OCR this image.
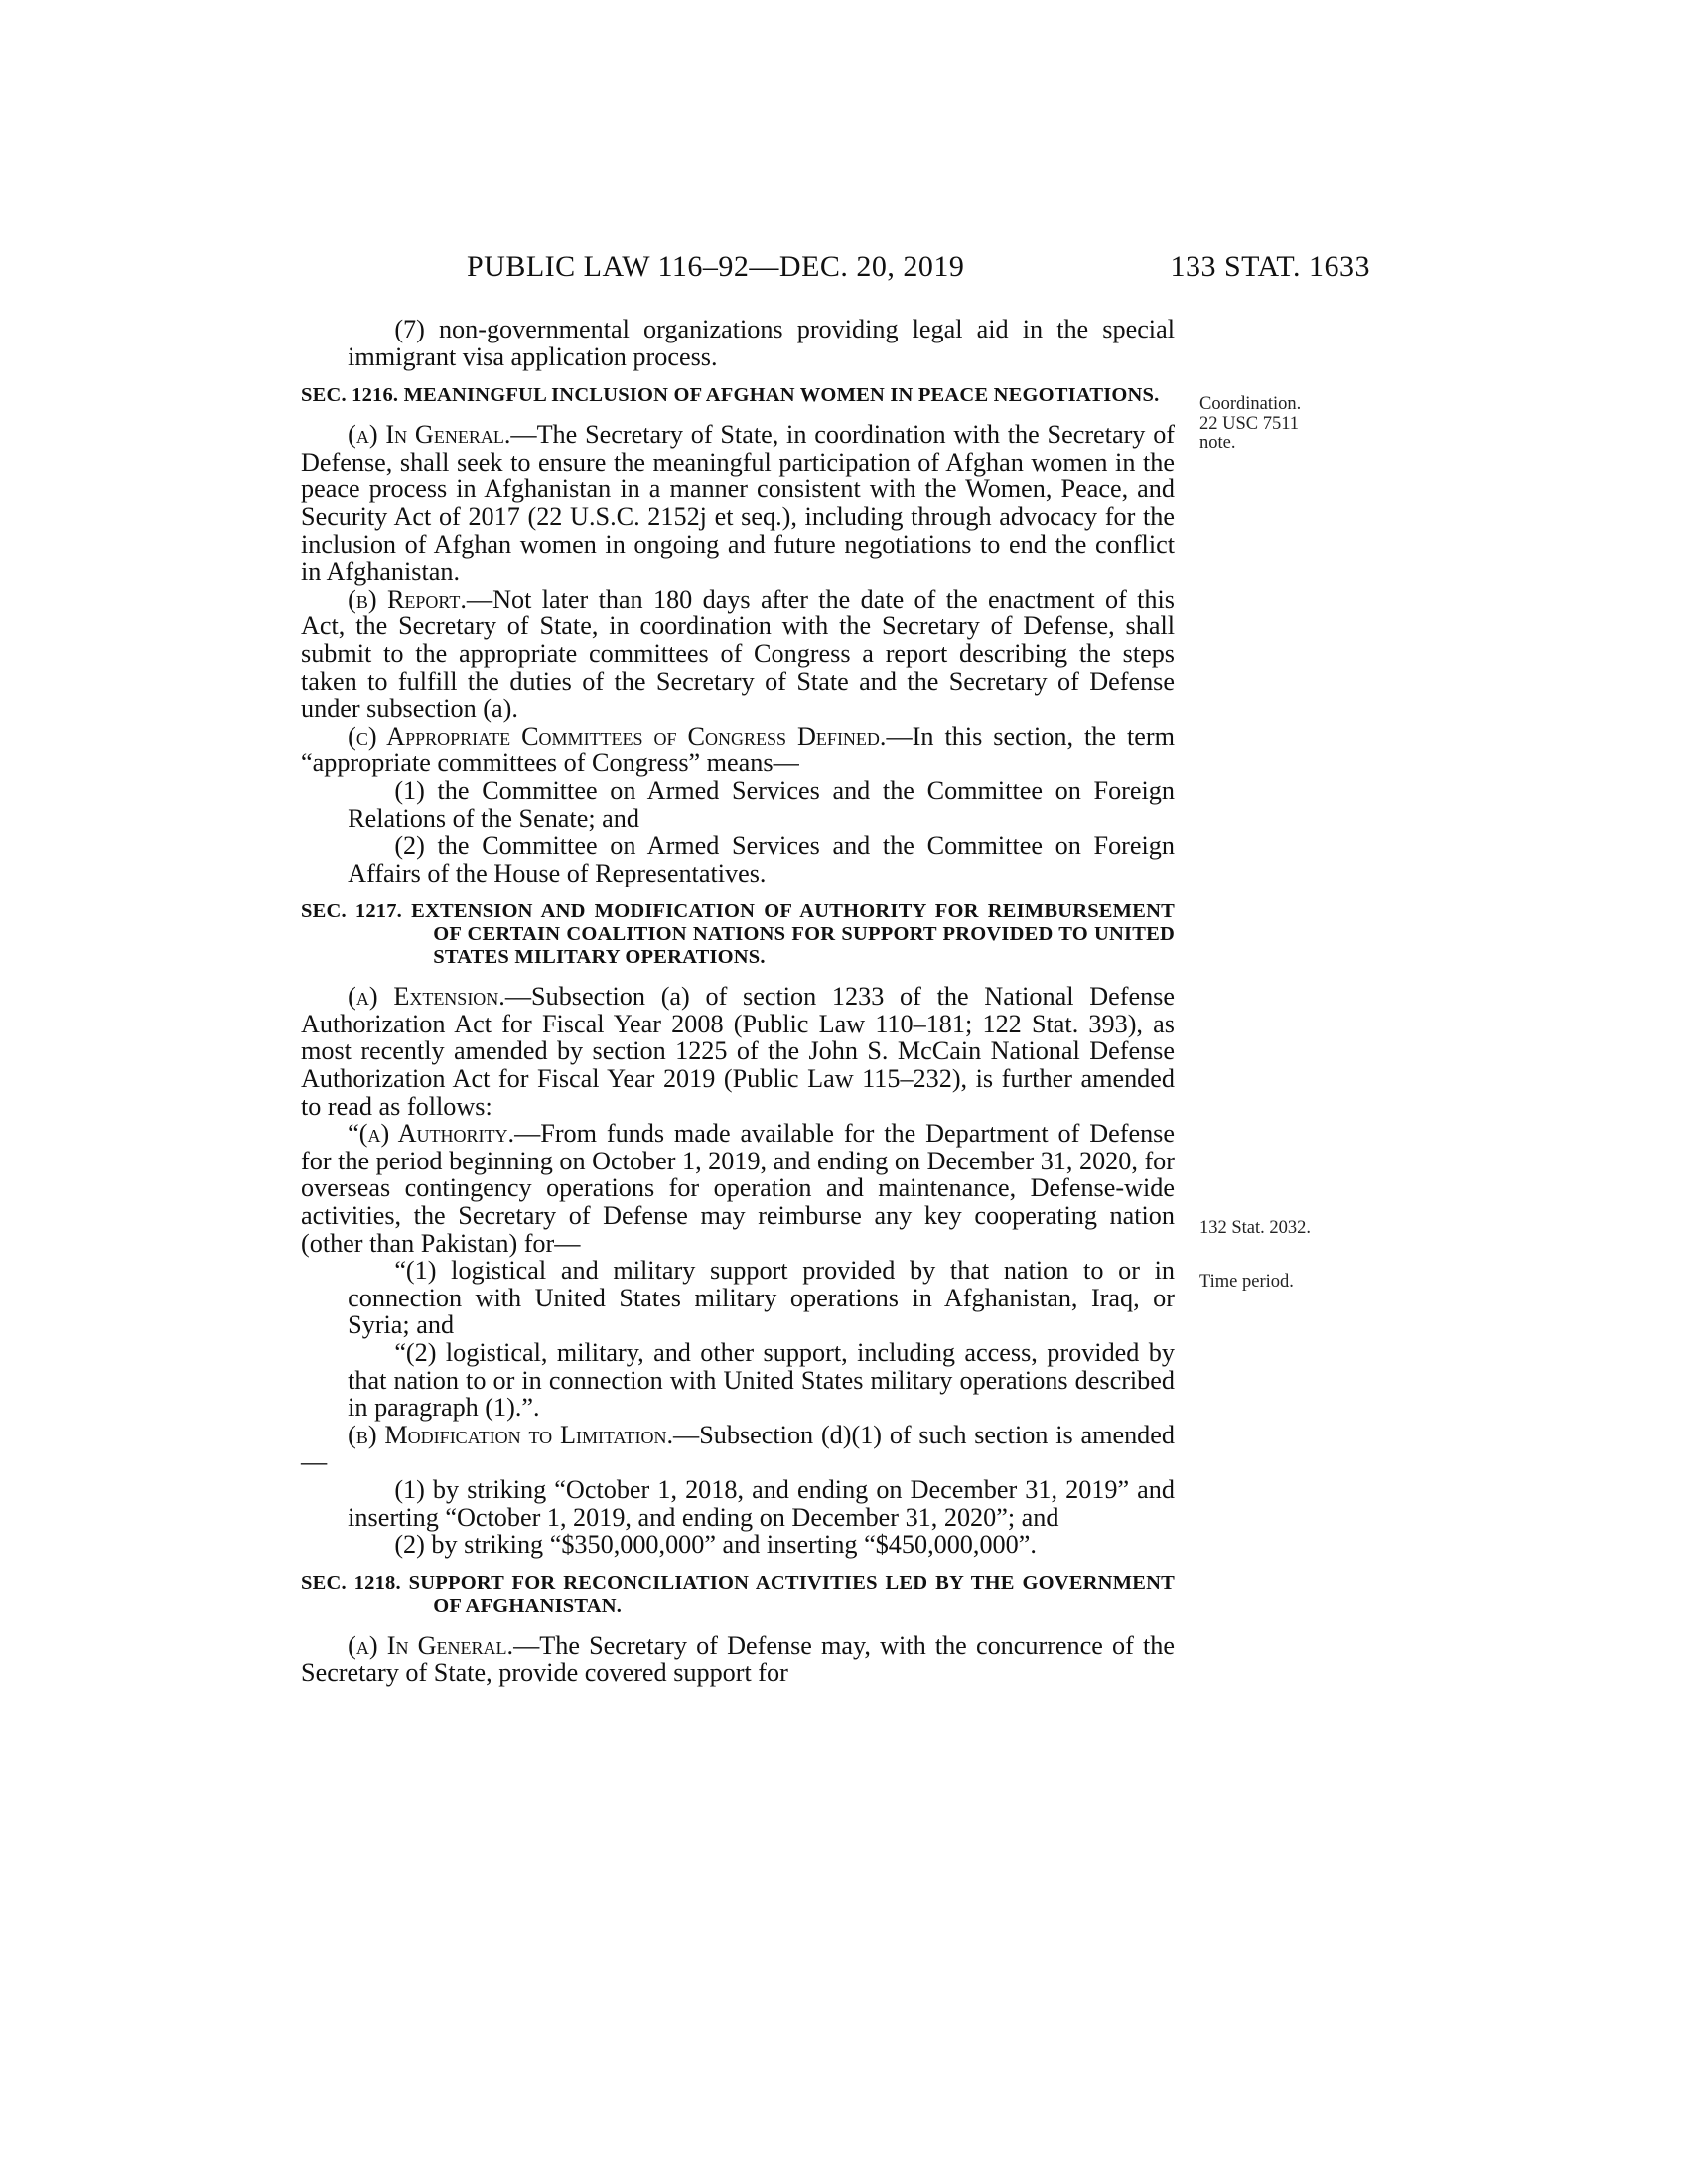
PUBLIC LAW 116–92—DEC. 20, 2019	133 STAT. 1633
Coordination.
22 USC 7511
note.
132 Stat. 2032.
Time period.

(7) non-governmental organizations providing legal aid in the special immigrant visa application process.

SEC. 1216. MEANINGFUL INCLUSION OF AFGHAN WOMEN IN PEACE NEGOTIATIONS.

(a) In General.—The Secretary of State, in coordination with the Secretary of Defense, shall seek to ensure the meaningful participation of Afghan women in the peace process in Afghanistan in a manner consistent with the Women, Peace, and Security Act of 2017 (22 U.S.C. 2152j et seq.), including through advocacy for the inclusion of Afghan women in ongoing and future negotiations to end the conflict in Afghanistan.

(b) Report.—Not later than 180 days after the date of the enactment of this Act, the Secretary of State, in coordination with the Secretary of Defense, shall submit to the appropriate committees of Congress a report describing the steps taken to fulfill the duties of the Secretary of State and the Secretary of Defense under subsection (a).

(c) Appropriate Committees of Congress Defined.—In this section, the term “appropriate committees of Congress” means—

(1) the Committee on Armed Services and the Committee on Foreign Relations of the Senate; and

(2) the Committee on Armed Services and the Committee on Foreign Affairs of the House of Representatives.

SEC. 1217. EXTENSION AND MODIFICATION OF AUTHORITY FOR REIMBURSEMENT OF CERTAIN COALITION NATIONS FOR SUPPORT PROVIDED TO UNITED STATES MILITARY OPERATIONS.

(a) Extension.—Subsection (a) of section 1233 of the National Defense Authorization Act for Fiscal Year 2008 (Public Law 110–181; 122 Stat. 393), as most recently amended by section 1225 of the John S. McCain National Defense Authorization Act for Fiscal Year 2019 (Public Law 115–232), is further amended to read as follows:

“(a) Authority.—From funds made available for the Department of Defense for the period beginning on October 1, 2019, and ending on December 31, 2020, for overseas contingency operations for operation and maintenance, Defense-wide activities, the Secretary of Defense may reimburse any key cooperating nation (other than Pakistan) for—

“(1) logistical and military support provided by that nation to or in connection with United States military operations in Afghanistan, Iraq, or Syria; and

“(2) logistical, military, and other support, including access, provided by that nation to or in connection with United States military operations described in paragraph (1).”.

(b) Modification to Limitation.—Subsection (d)(1) of such section is amended—

(1) by striking “October 1, 2018, and ending on December 31, 2019” and inserting “October 1, 2019, and ending on December 31, 2020”; and

(2) by striking “$350,000,000” and inserting “$450,000,000”.

SEC. 1218. SUPPORT FOR RECONCILIATION ACTIVITIES LED BY THE GOVERNMENT OF AFGHANISTAN.

(a) In General.—The Secretary of Defense may, with the concurrence of the Secretary of State, provide covered support for
